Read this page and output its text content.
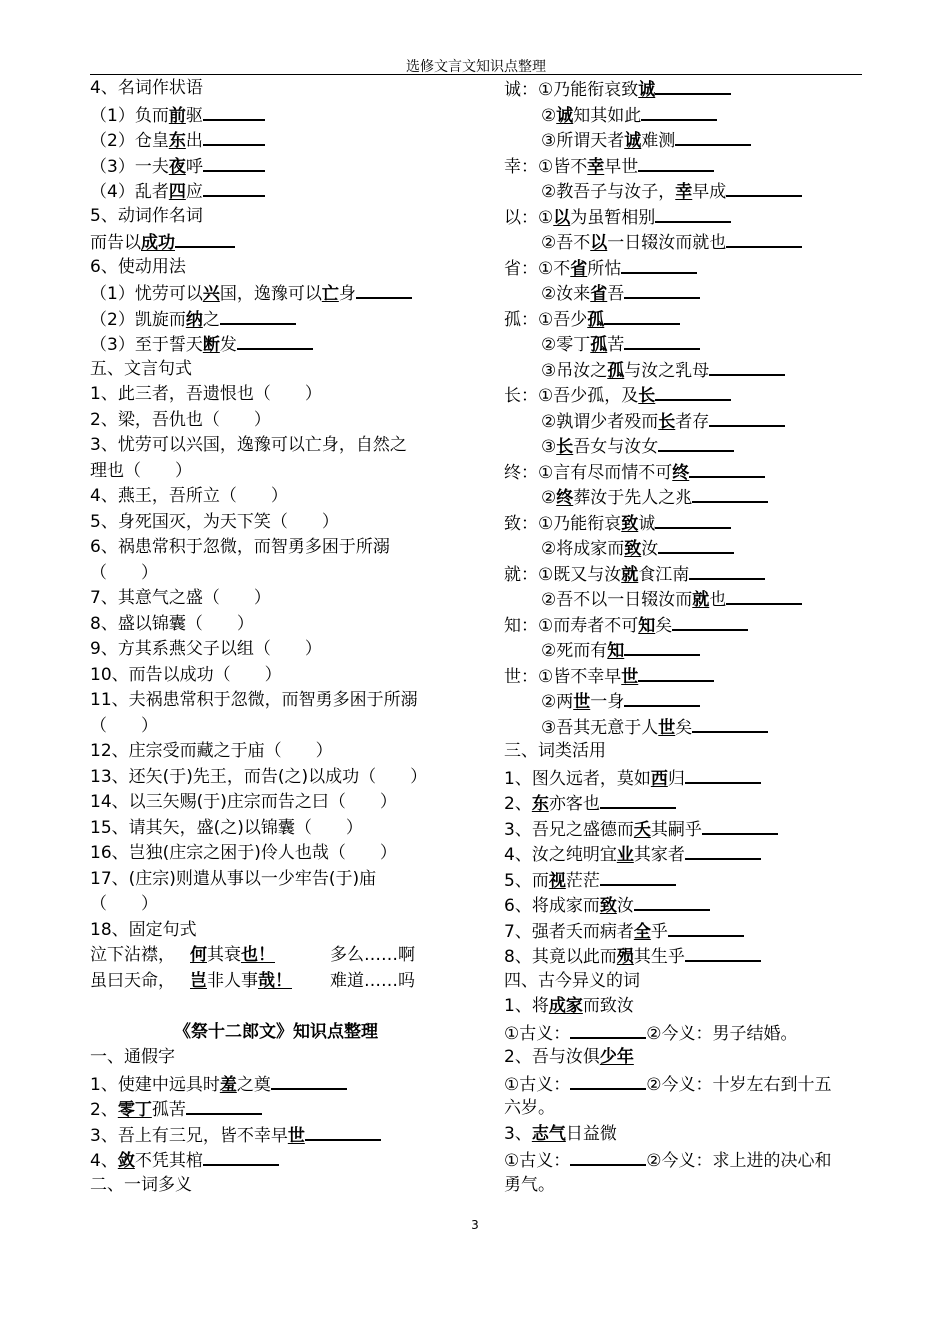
选修文言文知识点整理
4、名词作状语
（1）负而前驱
（2）仓皇东出
（3）一夫夜呼
（4）乱者四应
5、动词作名词
而告以成功
6、使动用法
（1）忧劳可以兴国，逸豫可以亡身
（2）凯旋而纳之
（3）至于誓天断发
五、文言句式
1、此三者，吾遗恨也（　　）
2、梁，吾仇也（　　）
3、忧劳可以兴国，逸豫可以亡身，自然之
理也（　　）
4、燕王，吾所立（　　）
5、身死国灭，为天下笑（　　）
6、祸患常积于忽微，而智勇多困于所溺
（　　）
7、其意气之盛（　　）
8、盛以锦囊（　　）
9、方其系燕父子以组（　　）
10、而告以成功（　　）
11、夫祸患常积于忽微，而智勇多困于所溺
（　　）
12、庄宗受而藏之于庙（　　）
13、还矢(于)先王，而告(之)以成功（　　）
14、以三矢赐(于)庄宗而告之曰（　　）
15、请其矢，盛(之)以锦囊（　　）
16、岂独(庄宗之困于)伶人也哉（　　）
17、(庄宗)则遣从事以一少牢告(于)庙
（　　）
18、固定句式
泣下沾襟， 何其衰也！	多么……啊
虽曰天命， 岂非人事哉！	难道……吗
《祭十二郎文》知识点整理
一、通假字
1、使建中远具时羞之奠
2、零丁孤苦
3、吾上有三兄，皆不幸早世
4、敛不凭其棺
二、一词多义
诚：①乃能衔哀致诚
②诚知其如此
③所谓天者诚难测
幸：①皆不幸早世
②教吾子与汝子，幸早成
以：①以为虽暂相别
②吾不以一日辍汝而就也
省：①不省所怙
②汝来省吾
孤：①吾少孤
②零丁孤苦
③吊汝之孤与汝之乳母
长：①吾少孤，及长
②孰谓少者殁而长者存
③长吾女与汝女
终：①言有尽而情不可终
②终葬汝于先人之兆
致：①乃能衔哀致诚
②将成家而致汝
就：①既又与汝就食江南
②吾不以一日辍汝而就也
知：①而寿者不可知矣
②死而有知
世：①皆不幸早世
②两世一身
③吾其无意于人世矣
三、词类活用
1、图久远者，莫如西归
2、东亦客也
3、吾兄之盛德而夭其嗣乎
4、汝之纯明宜业其家者
5、而视茫茫
6、将成家而致汝
7、强者夭而病者全乎
8、其竟以此而殒其生乎
四、古今异义的词
1、将成家而致汝
①古义：	②今义：男子结婚。
2、吾与汝俱少年
①古义：	②今义：十岁左右到十五
六岁。
3、志气日益微
①古义：	②今义：求上进的决心和
勇气。
3
